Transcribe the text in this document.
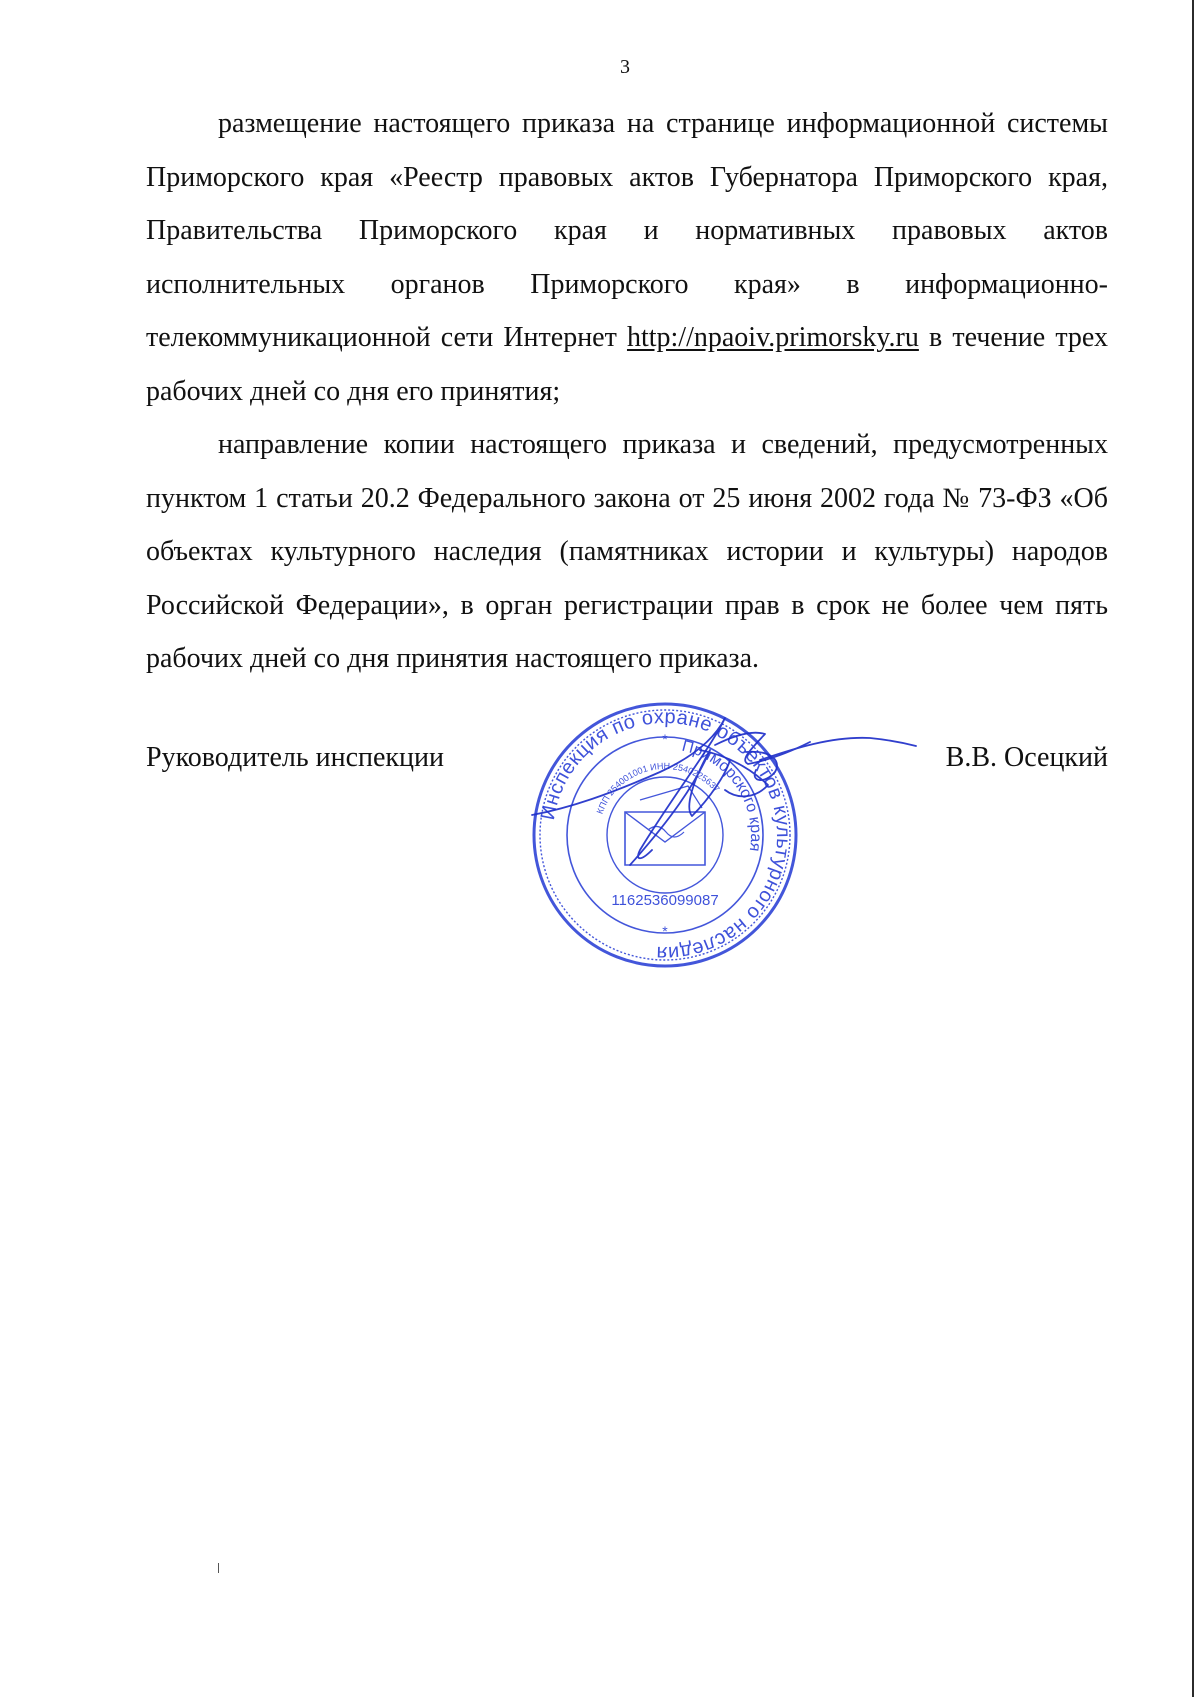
3

размещение настоящего приказа на странице информационной системы Приморского края «Реестр правовых актов Губернатора Приморского края, Правительства Приморского края и нормативных правовых актов исполнительных органов Приморского края» в информационно-телекоммуникационной сети Интернет http://npaoiv.primorsky.ru в течение трех рабочих дней со дня его принятия;

направление копии настоящего приказа и сведений, предусмотренных пунктом 1 статьи 20.2 Федерального закона от 25 июня 2002 года № 73-ФЗ «Об объектах культурного наследия (памятниках истории и культуры) народов Российской Федерации», в орган регистрации прав в срок не более чем пять рабочих дней со дня принятия настоящего приказа.

Руководитель инспекции	В.В. Осецкий
Инспекция по охране объектов культурного наследия
Приморского края
КПП 254001001 ИНН 2540225637
1162536099087
*
*
